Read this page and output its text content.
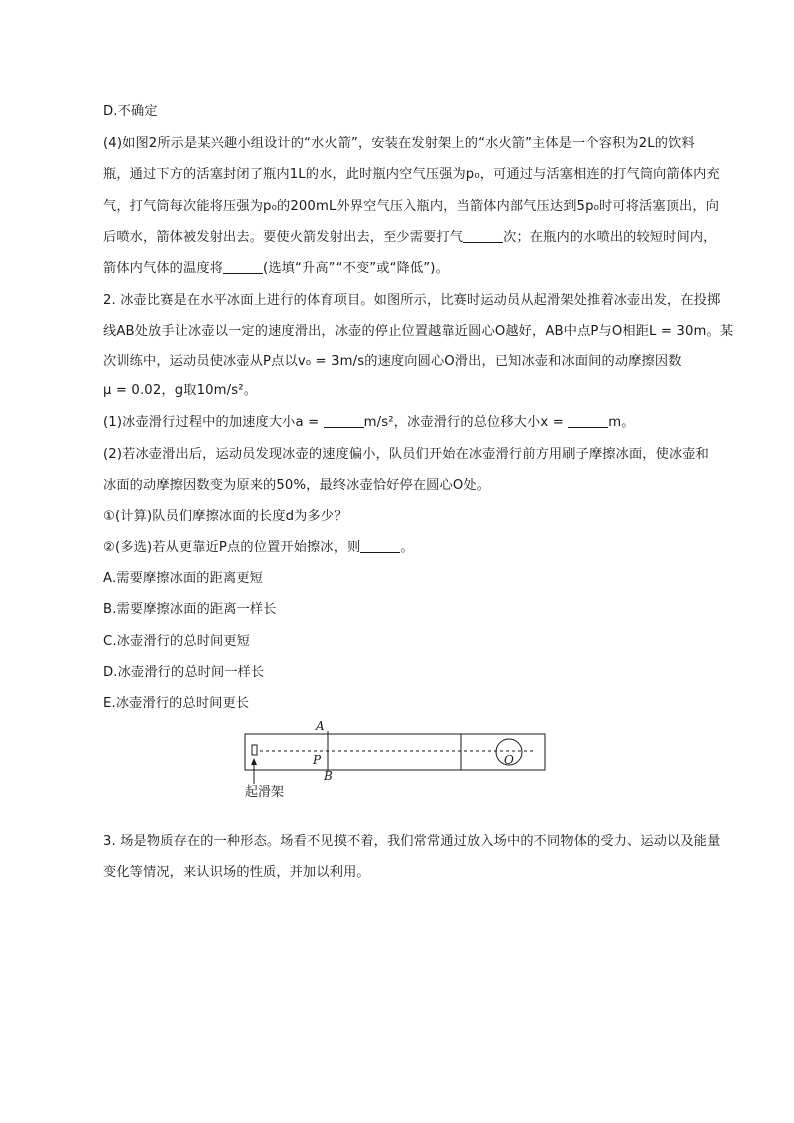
D.不确定
(4)如图2所示是某兴趣小组设计的“水火箭”，安装在发射架上的“水火箭”主体是一个容积为2L的饮料
瓶，通过下方的活塞封闭了瓶内1L的水，此时瓶内空气压强为p₀，可通过与活塞相连的打气筒向箭体内充
气，打气筒每次能将压强为p₀的200mL外界空气压入瓶内，当箭体内部气压达到5p₀时可将活塞顶出，向
后喷水，箭体被发射出去。要使火箭发射出去，至少需要打气	次；在瓶内的水喷出的较短时间内，
箭体内气体的温度将	(选填“升高”“不变”或“降低”)。
2. 冰壶比赛是在水平冰面上进行的体育项目。如图所示，比赛时运动员从起滑架处推着冰壶出发，在投掷
线AB处放手让冰壶以一定的速度滑出，冰壶的停止位置越靠近圆心O越好，AB中点P与O相距L = 30m。某
次训练中，运动员使冰壶从P点以v₀ = 3m/s的速度向圆心O滑出，已知冰壶和冰面间的动摩擦因数
μ = 0.02，g取10m/s²。
(1)冰壶滑行过程中的加速度大小a =	m/s²，冰壶滑行的总位移大小x =	m。
(2)若冰壶滑出后，运动员发现冰壶的速度偏小，队员们开始在冰壶滑行前方用刷子摩擦冰面，使冰壶和
冰面的动摩擦因数变为原来的50%，最终冰壶恰好停在圆心O处。
①(计算)队员们摩擦冰面的长度d为多少？
②(多选)若从更靠近P点的位置开始擦冰，则	。
A.需要摩擦冰面的距离更短
B.需要摩擦冰面的距离一样长
C.冰壶滑行的总时间更短
D.冰壶滑行的总时间一样长
E.冰壶滑行的总时间更长
A
P
B
O
起滑架
3. 场是物质存在的一种形态。场看不见摸不着，我们常常通过放入场中的不同物体的受力、运动以及能量
变化等情况，来认识场的性质，并加以利用。
